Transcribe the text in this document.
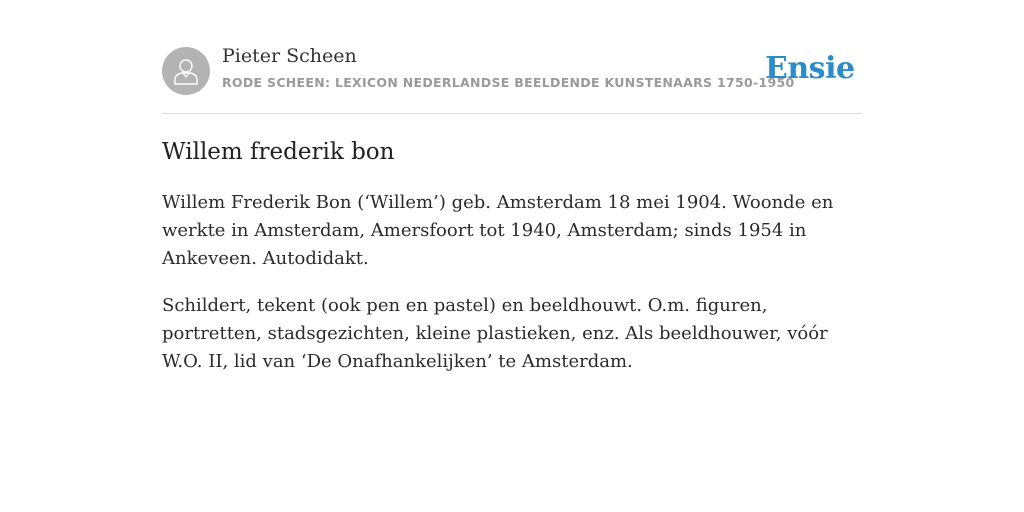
Pieter Scheen
RODE SCHEEN: LEXICON NEDERLANDSE BEELDENDE KUNSTENAARS 1750-1950
Ensie
Willem frederik bon

Willem Frederik Bon (‘Willem’) geb. Amsterdam 18 mei 1904. Woonde en werkte in Amsterdam, Amersfoort tot 1940, Amsterdam; sinds 1954 in Ankeveen. Autodidakt.

Schildert, tekent (ook pen en pastel) en beeldhouwt. O.m. figuren, portretten, stadsgezichten, kleine plastieken, enz. Als beeldhouwer, vóór W.O. II, lid van ‘De Onafhankelijken’ te Amsterdam.
